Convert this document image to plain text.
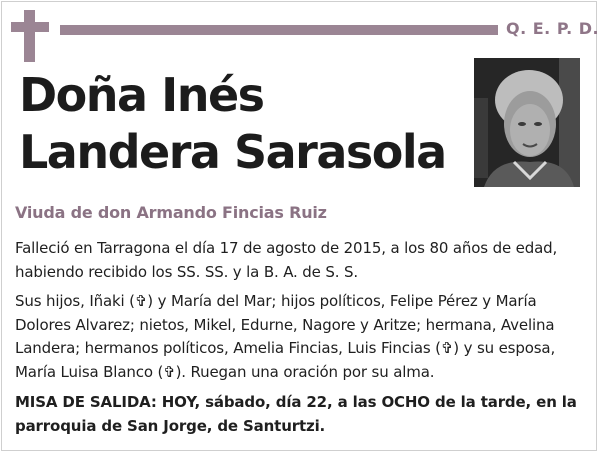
Q. E. P. D.
Doña Inés
Landera Sarasola
Viuda de don Armando Fincias Ruiz

Falleció en Tarragona el día 17 de agosto de 2015, a los 80 años de edad, habiendo recibido los SS. SS. y la B. A. de S. S.

Sus hijos, Iñaki (✞) y María del Mar; hijos políticos, Felipe Pérez y María Dolores Alvarez; nietos, Mikel, Edurne, Nagore y Aritze; hermana, Avelina Landera; hermanos políticos, Amelia Fincias, Luis Fincias (✞) y su esposa, María Luisa Blanco (✞). Ruegan una oración por su alma.

MISA DE SALIDA: HOY, sábado, día 22, a las OCHO de la tarde, en la parroquia de San Jorge, de Santurtzi.
